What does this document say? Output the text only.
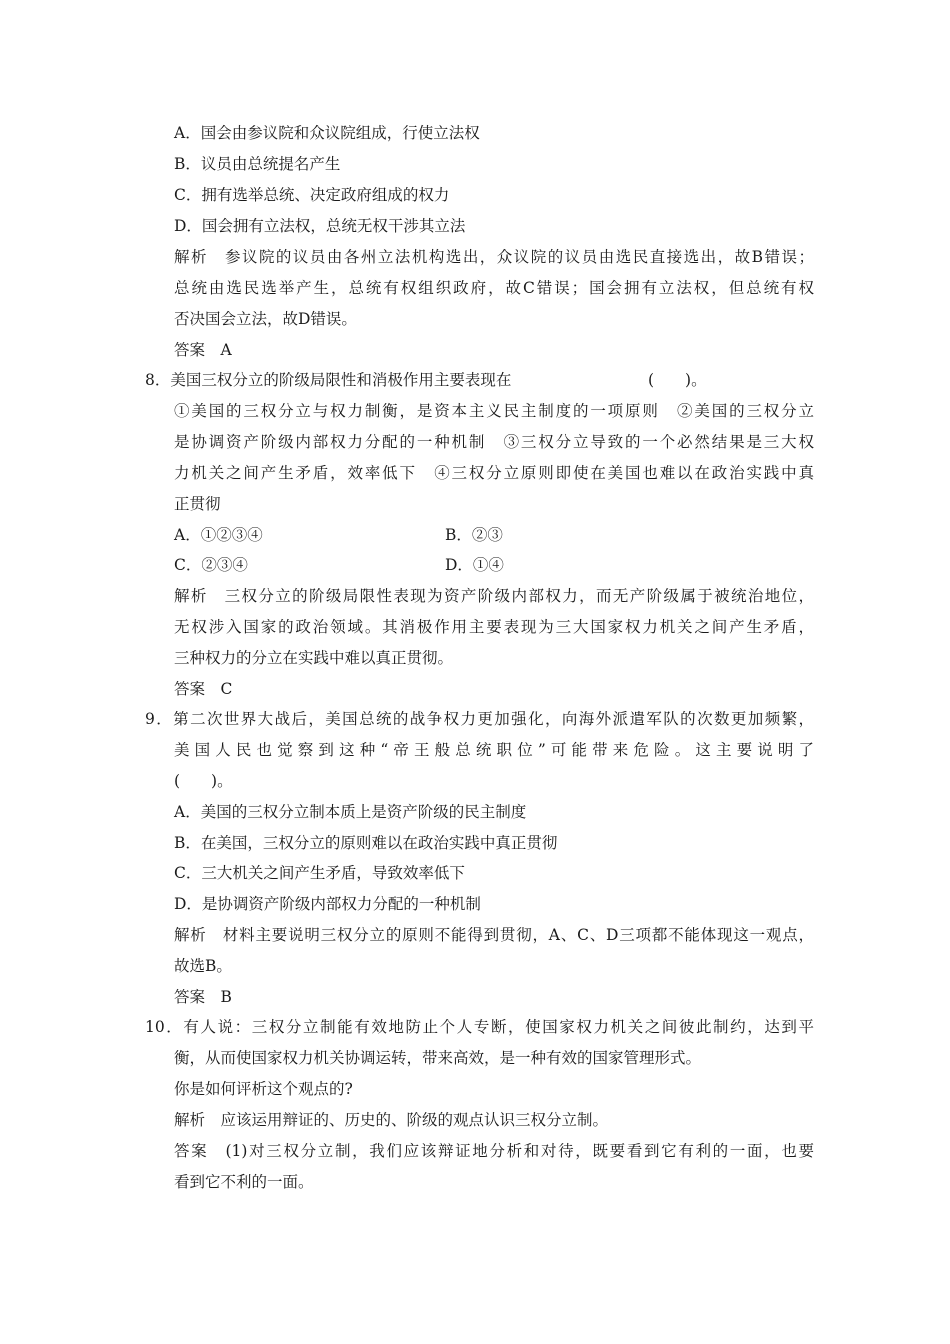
A．国会由参议院和众议院组成，行使立法权
B．议员由总统提名产生
C．拥有选举总统、决定政府组成的权力
D．国会拥有立法权，总统无权干涉其立法
解析　参议院的议员由各州立法机构选出，众议院的议员由选民直接选出，故B错误；
总统由选民选举产生，总统有权组织政府，故C错误；国会拥有立法权，但总统有权
否决国会立法，故D错误。
答案　A
8．美国三权分立的阶级局限性和消极作用主要表现在	(　　)。
①美国的三权分立与权力制衡，是资本主义民主制度的一项原则　②美国的三权分立
是协调资产阶级内部权力分配的一种机制　③三权分立导致的一个必然结果是三大权
力机关之间产生矛盾，效率低下　④三权分立原则即使在美国也难以在政治实践中真
正贯彻
A．①②③④	B．②③
C．②③④	D．①④
解析　三权分立的阶级局限性表现为资产阶级内部权力，而无产阶级属于被统治地位，
无权涉入国家的政治领域。其消极作用主要表现为三大国家权力机关之间产生矛盾，
三种权力的分立在实践中难以真正贯彻。
答案　C
9．第二次世界大战后，美国总统的战争权力更加强化，向海外派遣军队的次数更加频繁，
美国人民也觉察到这种“帝王般总统职位”可能带来危险。这主要说明了
(　　)。
A．美国的三权分立制本质上是资产阶级的民主制度
B．在美国，三权分立的原则难以在政治实践中真正贯彻
C．三大机关之间产生矛盾，导致效率低下
D．是协调资产阶级内部权力分配的一种机制
解析　材料主要说明三权分立的原则不能得到贯彻，A、C、D三项都不能体现这一观点，
故选B。
答案　B
10．有人说：三权分立制能有效地防止个人专断，使国家权力机关之间彼此制约，达到平
衡，从而使国家权力机关协调运转，带来高效，是一种有效的国家管理形式。
你是如何评析这个观点的?
解析　应该运用辩证的、历史的、阶级的观点认识三权分立制。
答案　(1)对三权分立制，我们应该辩证地分析和对待，既要看到它有利的一面，也要
看到它不利的一面。
